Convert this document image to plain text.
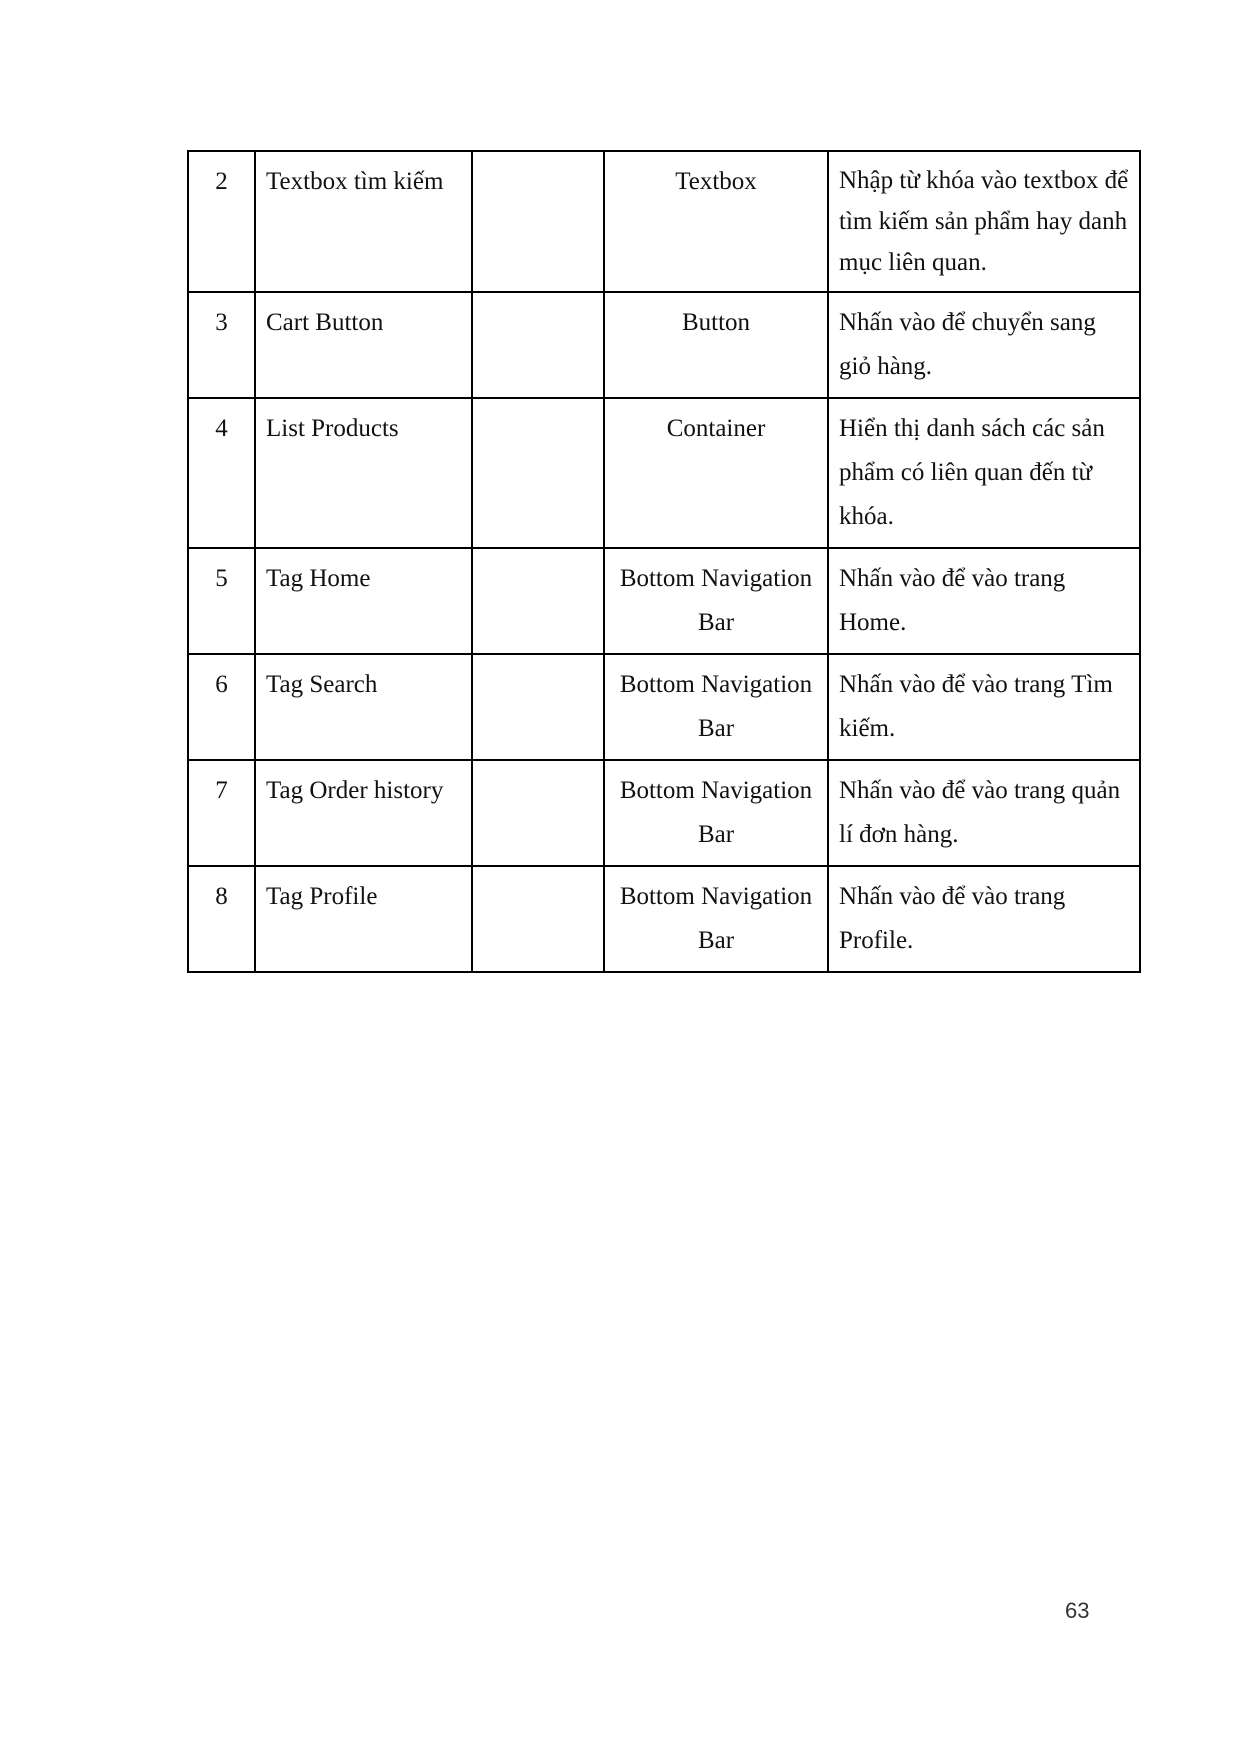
2	Textbox tìm kiếm		Textbox	Nhập từ khóa vào textbox để tìm kiếm sản phẩm hay danh mục liên quan.
3	Cart Button		Button	Nhấn vào để chuyển sang giỏ hàng.
4	List Products		Container	Hiển thị danh sách các sản phẩm có liên quan đến từ khóa.
5	Tag Home		Bottom Navigation Bar	Nhấn vào để vào trang Home.
6	Tag Search		Bottom Navigation Bar	Nhấn vào để vào trang Tìm kiếm.
7	Tag Order history		Bottom Navigation Bar	Nhấn vào để vào trang quản lí đơn hàng.
8	Tag Profile		Bottom Navigation Bar	Nhấn vào để vào trang Profile.
63
